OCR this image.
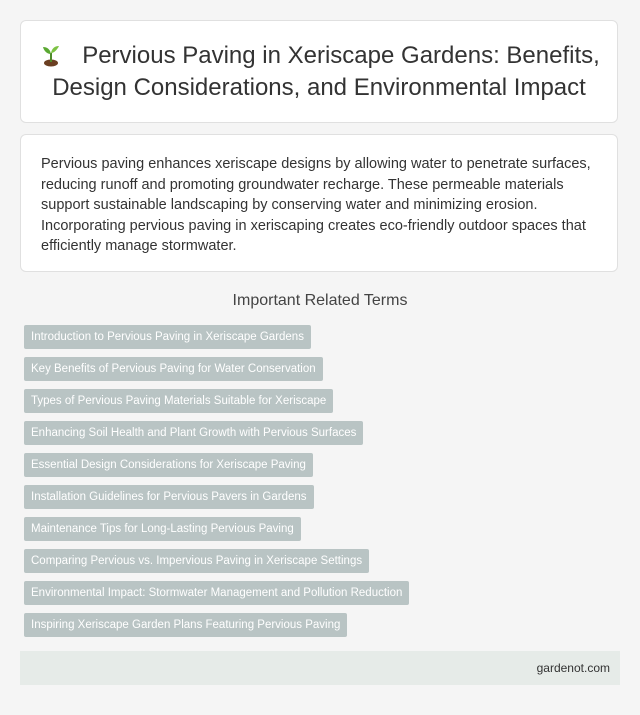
Pervious Paving in Xeriscape Gardens: Benefits, Design Considerations, and Environmental Impact

Pervious paving enhances xeriscape designs by allowing water to penetrate surfaces, reducing runoff and promoting groundwater recharge. These permeable materials support sustainable landscaping by conserving water and minimizing erosion. Incorporating pervious paving in xeriscaping creates eco-friendly outdoor spaces that efficiently manage stormwater.

Important Related Terms
Introduction to Pervious Paving in Xeriscape Gardens
Key Benefits of Pervious Paving for Water Conservation
Types of Pervious Paving Materials Suitable for Xeriscape
Enhancing Soil Health and Plant Growth with Pervious Surfaces
Essential Design Considerations for Xeriscape Paving
Installation Guidelines for Pervious Pavers in Gardens
Maintenance Tips for Long-Lasting Pervious Paving
Comparing Pervious vs. Impervious Paving in Xeriscape Settings
Environmental Impact: Stormwater Management and Pollution Reduction
Inspiring Xeriscape Garden Plans Featuring Pervious Paving
gardenot.com
